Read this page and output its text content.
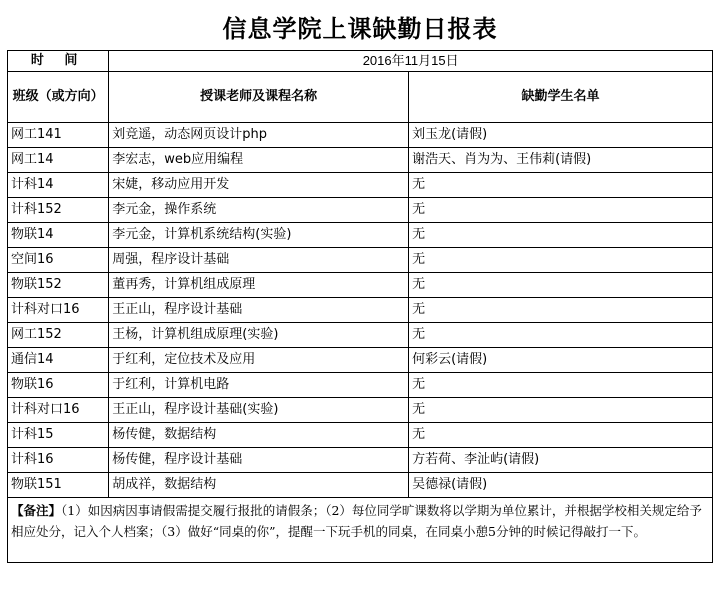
信息学院上课缺勤日报表
时 间	2016年11月15日	
班级（或方向）	授课老师及课程名称	缺勤学生名单
网工141	刘竞遥，动态网页设计php	刘玉龙(请假)
网工14	李宏志，web应用编程	谢浩天、肖为为、王伟莉(请假)
计科14	宋婕，移动应用开发	无
计科152	李元金，操作系统	无
物联14	李元金，计算机系统结构(实验)	无
空间16	周强，程序设计基础	无
物联152	董再秀，计算机组成原理	无
计科对口16	王正山，程序设计基础	无
网工152	王杨，计算机组成原理(实验)	无
通信14	于红利，定位技术及应用	何彩云(请假)
物联16	于红利，计算机电路	无
计科对口16	王正山，程序设计基础(实验)	无
计科15	杨传健，数据结构	无
计科16	杨传健，程序设计基础	方若荷、李沚屿(请假)
物联151	胡成祥，数据结构	吴德禄(请假)
【备注】（1）如因病因事请假需提交履行报批的请假条；（2）每位同学旷课数将以学期为单位累计，并根据学校相关规定给予相应处分，记入个人档案；（3）做好“同桌的你”，提醒一下玩手机的同桌，在同桌小憩5分钟的时候记得敲打一下。		
